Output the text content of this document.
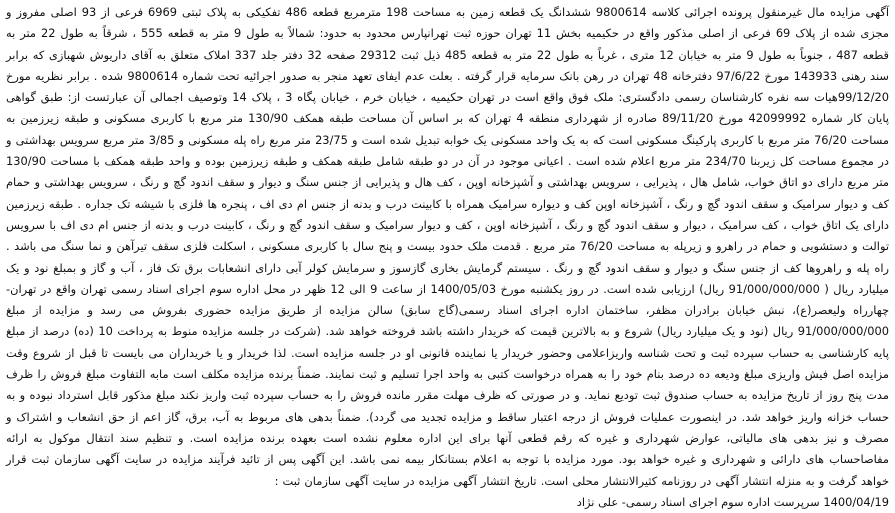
آگهی مزایده مال غیرمنقول پرونده اجرائی کلاسه 9800614 ششدانگ یک قطعه زمین به مساحت 198 مترمربع قطعه 486 تفکیکی به پلاک ثبتی 6969 فرعی از 93 اصلی مفروز و مجزی شده از پلاک 69 فرعی از اصلی مذکور واقع در حکیمیه بخش 11 تهران حوزه ثبت تهرانپارس محدود به حدود: شمالاً به طول 9 متر به قطعه 555 ، شرقاً به طول 22 متر به قطعه 487 ، جنوباً به طول 9 متر به خیابان 12 متری ، غرباً به طول 22 متر به قطعه 485 ذیل ثبت 29312 صفحه 32 دفتر جلد 337 املاک متعلق به آقای داریوش شهبازی که برابر سند رهنی 143933 مورخ 97/6/22 دفترخانه 48 تهران در رهن بانک سرمایه قرار گرفته . بعلت عدم ایفای تعهد منجر به صدور اجرائیه تحت شماره 9800614 شده . برابر نظریه مورخ 99/12/20هیات سه نفره کارشناسان رسمی دادگستری: ملک فوق واقع است در تهران حکیمیه ، خیابان خرم ، خیابان پگاه 3 ، پلاک 14 وتوصیف اجمالی آن عبارتست از: طبق گواهی پایان کار شماره 42099992 مورخ 89/11/20 صادره از شهرداری منطقه 4 تهران که بر اساس آن مساحت طبقه همکف 130/90 متر مربع با کاربری مسکونی و طبقه زیرزمین به مساحت 76/20 متر مربع با کاربری پارکینگ مسکونی است که به یک واحد مسکونی یک خوابه تبدیل شده است و 23/75 متر مربع راه پله مسکونی و 3/85 متر مربع سرویس بهداشتی و در مجموع مساحت کل زیربنا 234/70 متر مربع اعلام شده است . اعیانی موجود در آن در دو طبقه شامل طبقه همکف و طبقه زیرزمین بوده و واحد طبقه همکف با مساحت 130/90 متر مربع دارای دو اتاق خواب، شامل هال ، پذیرایی ، سرویس بهداشتی و آشپزخانه اوپن ، کف هال و پذیرایی از جنس سنگ و دیوار و سقف اندود گچ و رنگ ، سرویس بهداشتی و حمام کف و دیوار سرامیک و سقف اندود گچ و رنگ ، آشپزخانه اوپن کف و دیواره سرامیک همراه با کابینت درب و بدنه از جنس ام دی اف ، پنجره ها فلزی با شیشه تک جداره . طبقه زیرزمین دارای یک اتاق خواب ، کف سرامیک ، دیوار و سقف اندود گچ و رنگ ، آشپزخانه اوپن ، کف و دیوار سرامیک و سقف اندود گچ و رنگ ، کابینت درب و بدنه از جنس ام دی اف با سرویس توالت و دستشویی و حمام در راهرو و زیرپله به مساحت 76/20 متر مربع . قدمت ملک حدود بیست و پنج سال با کاربری مسکونی ، اسکلت فلزی سقف تیرآهن و نما سنگ می باشد . راه پله و راهروها کف از جنس سنگ و دیوار و سقف اندود گچ و رنگ . سیستم گرمایش بخاری گازسوز و سرمایش کولر آبی دارای انشعابات برق تک فاز ، آب و گاز و بمبلغ نود و یک میلیارد ریال ( 91/000/000/000 ریال) ارزیابی شده است. در روز یکشنبه مورخ 1400/05/03 از ساعت 9 الی 12 ظهر در محل اداره سوم اجرای اسناد رسمی تهران واقع در تهران- چهارراه ولیعصر(ع)، نبش خیابان برادران مظفر، ساختمان اداره اجرای اسناد رسمی(گاج سابق) سالن مزایده از طریق مزایده حضوری بفروش می رسد و مزایده از مبلغ 91/000/000/000 ریال (نود و یک میلیارد ریال) شروع و به بالاترین قیمت که خریدار داشته باشد فروخته خواهد شد. (شرکت در جلسه مزایده منوط به پرداخت 10 (ده) درصد از مبلغ پایه کارشناسی به حساب سپرده ثبت و تحت شناسه واریزاعلامی وحضور خریدار یا نماینده قانونی او در جلسه مزایده است. لذا خریدار و یا خریداران می بایست تا قبل از شروع وقت مزایده اصل فیش واریزی مبلغ ودیعه ده درصد بنام خود را به همراه درخواست کتبی به واحد اجرا تسلیم و ثبت نمایند. ضمناً برنده مزایده مکلف است مابه التفاوت مبلغ فروش را ظرف مدت پنج روز از تاریخ مزایده به حساب صندوق ثبت تودیع نماید. و در صورتی که ظرف مهلت مقرر مانده فروش را به حساب سپرده ثبت واریز نکند مبلغ مذکور قابل استرداد نبوده و به حساب خزانه واریز خواهد شد. در اینصورت عملیات فروش از درجه اعتبار ساقط و مزایده تجدید می گردد). ضمناً بدهی های مربوط به آب، برق، گاز اعم از حق انشعاب و اشتراک و مصرف و نیز بدهی های مالیاتی، عوارض شهرداری و غیره که رقم قطعی آنها برای این اداره معلوم نشده است بعهده برنده مزایده است. و تنظیم سند انتقال موکول به ارائه مفاصاحساب های دارائی و شهرداری و غیره خواهد بود. مورد مزایده با توجه به اعلام بستانکار بیمه نمی باشد. این آگهی پس از تائید فرآیند مزایده در سایت آگهی سازمان ثبت قرار خواهد گرفت و به منزله انتشار آگهی در روزنامه کثیرالانتشار محلی است. تاریخ انتشار آگهی مزایده در سایت آگهی سازمان ثبت :

1400/04/19 سرپرست اداره سوم اجرای اسناد رسمی- علی نژاد
